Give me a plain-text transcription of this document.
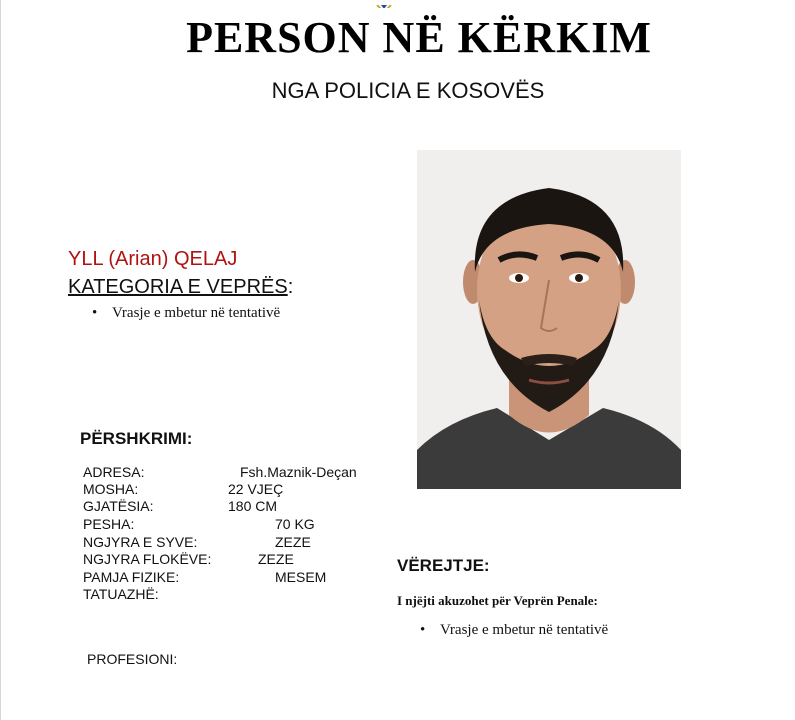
PERSON NË KËRKIM
NGA POLICIA E KOSOVËS
YLL (Arian) QELAJ
KATEGORIA E VEPRËS:
• Vrasje e mbetur në tentativë
PËRSHKRIMI:
ADRESA:	Fsh.Maznik-Deçan
MOSHA:	22 VJEÇ
GJATËSIA:	180 CM
PESHA:	70 KG
NGJYRA E SYVE:	ZEZE
NGJYRA FLOKËVE:	ZEZE
PAMJA FIZIKE:	MESEM
TATUAZHË:
PROFESIONI:
VËREJTJE:
I njëjti akuzohet për Veprën Penale:
• Vrasje e mbetur në tentativë
